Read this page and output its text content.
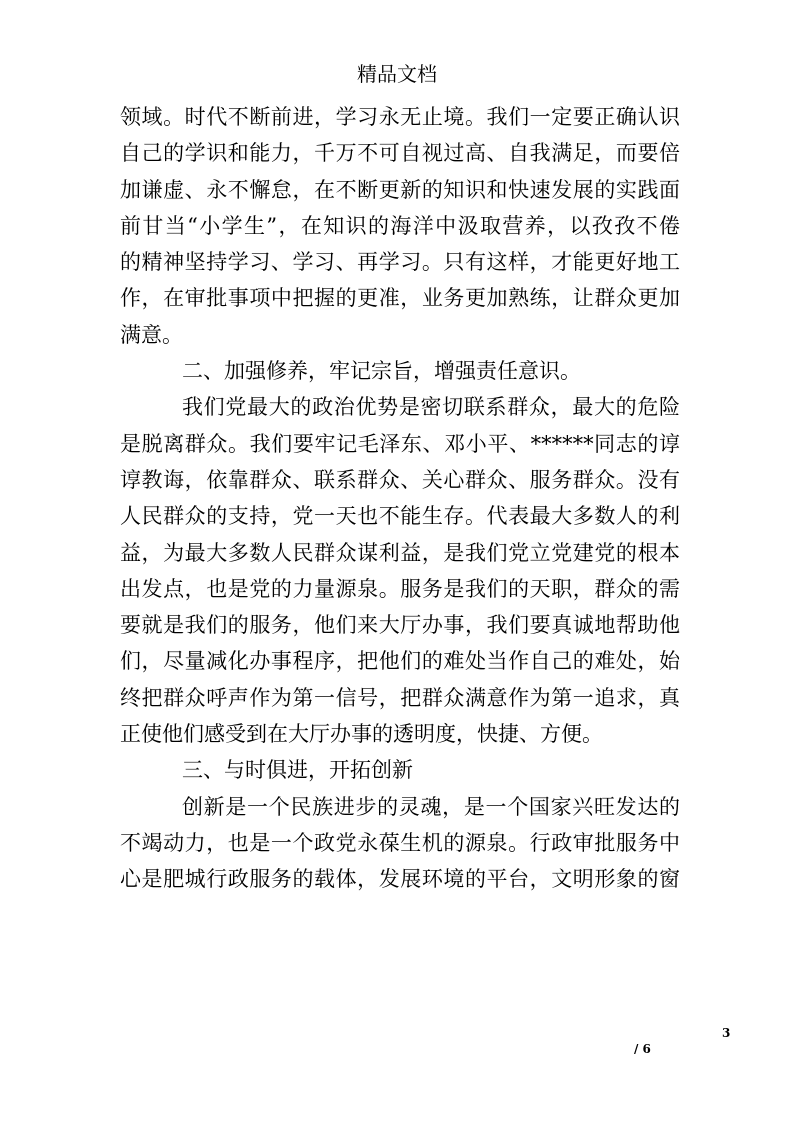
精品文档
领域。时代不断前进，学习永无止境。我们一定要正确认识
自己的学识和能力，千万不可自视过高、自我满足，而要倍
加谦虚、永不懈怠，在不断更新的知识和快速发展的实践面
前甘当“小学生”，在知识的海洋中汲取营养，以孜孜不倦
的精神坚持学习、学习、再学习。只有这样，才能更好地工
作，在审批事项中把握的更准，业务更加熟练，让群众更加
满意。
二、加强修养，牢记宗旨，增强责任意识。
我们党最大的政治优势是密切联系群众，最大的危险
是脱离群众。我们要牢记毛泽东、邓小平、******同志的谆
谆教诲，依靠群众、联系群众、关心群众、服务群众。没有
人民群众的支持，党一天也不能生存。代表最大多数人的利
益，为最大多数人民群众谋利益，是我们党立党建党的根本
出发点，也是党的力量源泉。服务是我们的天职，群众的需
要就是我们的服务，他们来大厅办事，我们要真诚地帮助他
们，尽量减化办事程序，把他们的难处当作自己的难处，始
终把群众呼声作为第一信号，把群众满意作为第一追求，真
正使他们感受到在大厅办事的透明度，快捷、方便。
三、与时俱进，开拓创新
创新是一个民族进步的灵魂，是一个国家兴旺发达的
不竭动力，也是一个政党永葆生机的源泉。行政审批服务中
心是肥城行政服务的载体，发展环境的平台，文明形象的窗
3
/ 6
